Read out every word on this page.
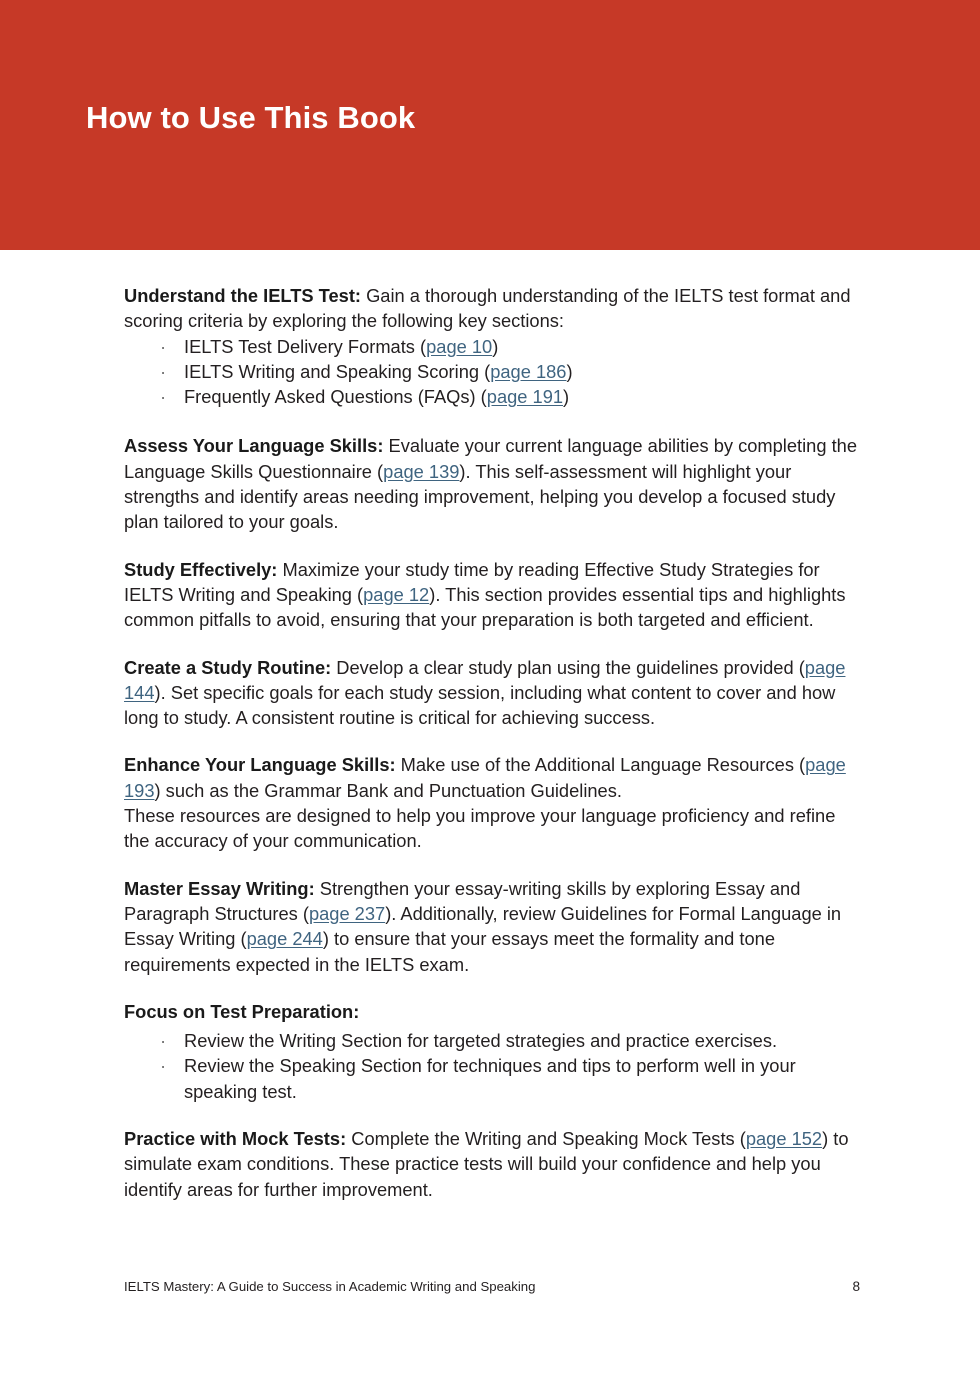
How to Use This Book

Understand the IELTS Test: Gain a thorough understanding of the IELTS test format and scoring criteria by exploring the following key sections:

· IELTS Test Delivery Formats (page 10)
· IELTS Writing and Speaking Scoring (page 186)
· Frequently Asked Questions (FAQs) (page 191)

Assess Your Language Skills: Evaluate your current language abilities by completing the Language Skills Questionnaire (page 139). This self-assessment will highlight your strengths and identify areas needing improvement, helping you develop a focused study plan tailored to your goals.

Study Effectively: Maximize your study time by reading Effective Study Strategies for IELTS Writing and Speaking (page 12). This section provides essential tips and highlights common pitfalls to avoid, ensuring that your preparation is both targeted and efficient.

Create a Study Routine: Develop a clear study plan using the guidelines provided (page 144). Set specific goals for each study session, including what content to cover and how long to study. A consistent routine is critical for achieving success.

Enhance Your Language Skills: Make use of the Additional Language Resources (page 193) such as the Grammar Bank and Punctuation Guidelines.
These resources are designed to help you improve your language proficiency and refine the accuracy of your communication.

Master Essay Writing: Strengthen your essay-writing skills by exploring Essay and Paragraph Structures (page 237). Additionally, review Guidelines for Formal Language in Essay Writing (page 244) to ensure that your essays meet the formality and tone requirements expected in the IELTS exam.

Focus on Test Preparation:

· Review the Writing Section for targeted strategies and practice exercises.
· Review the Speaking Section for techniques and tips to perform well in your speaking test.

Practice with Mock Tests: Complete the Writing and Speaking Mock Tests (page 152) to simulate exam conditions. These practice tests will build your confidence and help you identify areas for further improvement.

IELTS Mastery: A Guide to Success in Academic Writing and Speaking	8
